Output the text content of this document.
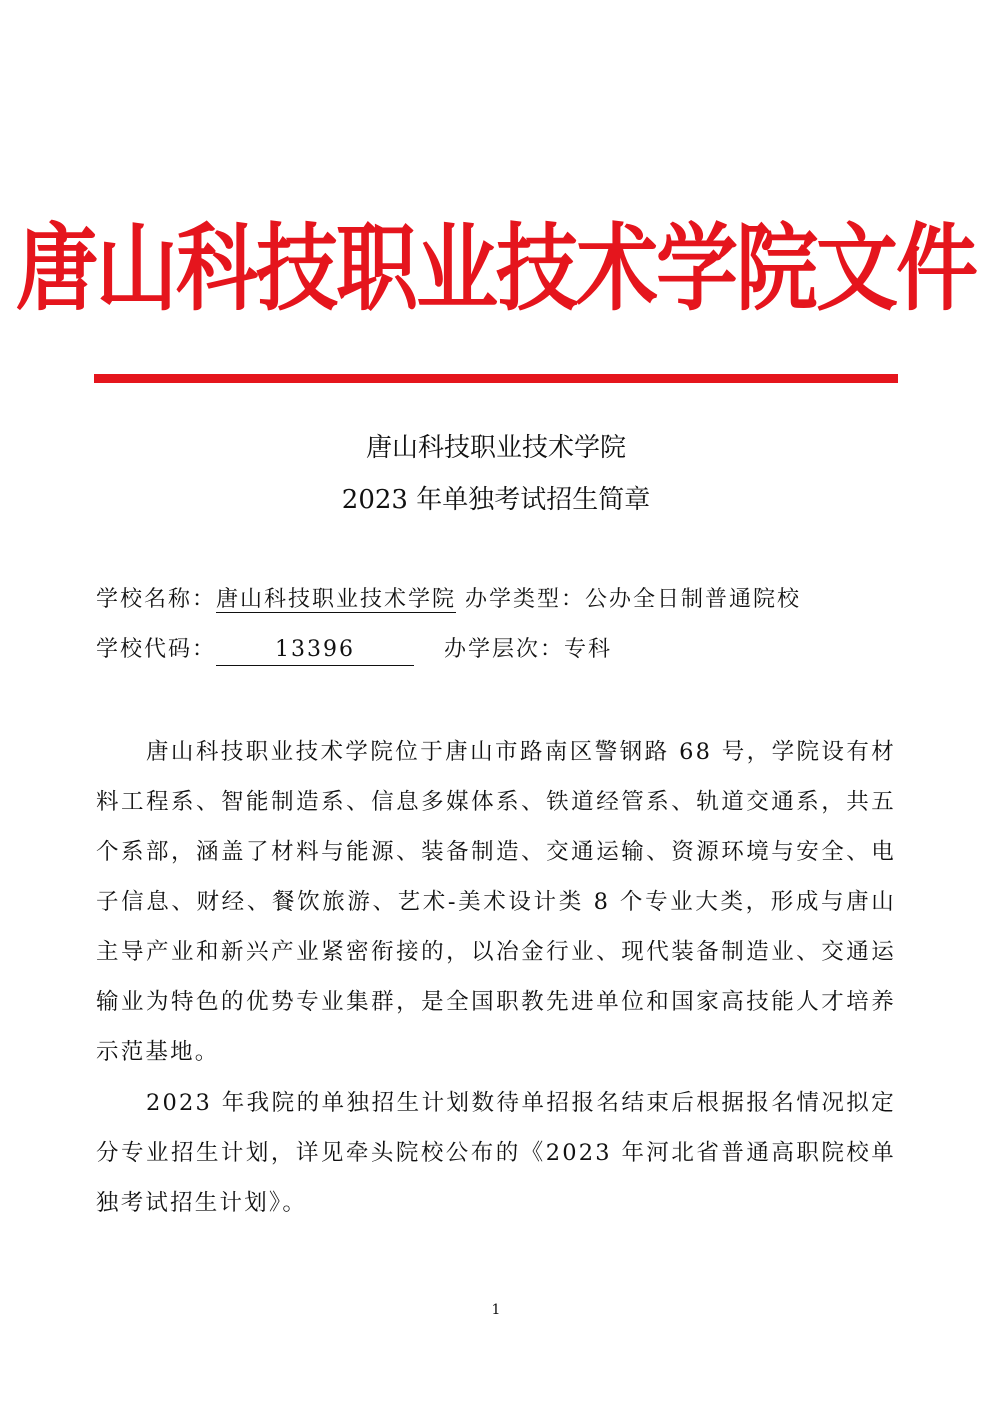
唐山科技职业技术学院文件
唐山科技职业技术学院
2023 年单独考试招生简章
学校名称：唐山科技职业技术学院 办学类型：公办全日制普通院校
学校代码：	13396	办学层次：专科

唐山科技职业技术学院位于唐山市路南区警钢路 68 号，学院设有材料工程系、智能制造系、信息多媒体系、铁道经管系、轨道交通系，共五个系部，涵盖了材料与能源、装备制造、交通运输、资源环境与安全、电子信息、财经、餐饮旅游、艺术-美术设计类 8 个专业大类，形成与唐山主导产业和新兴产业紧密衔接的，以冶金行业、现代装备制造业、交通运输业为特色的优势专业集群，是全国职教先进单位和国家高技能人才培养示范基地。

2023 年我院的单独招生计划数待单招报名结束后根据报名情况拟定分专业招生计划，详见牵头院校公布的《2023 年河北省普通高职院校单独考试招生计划》。

1
